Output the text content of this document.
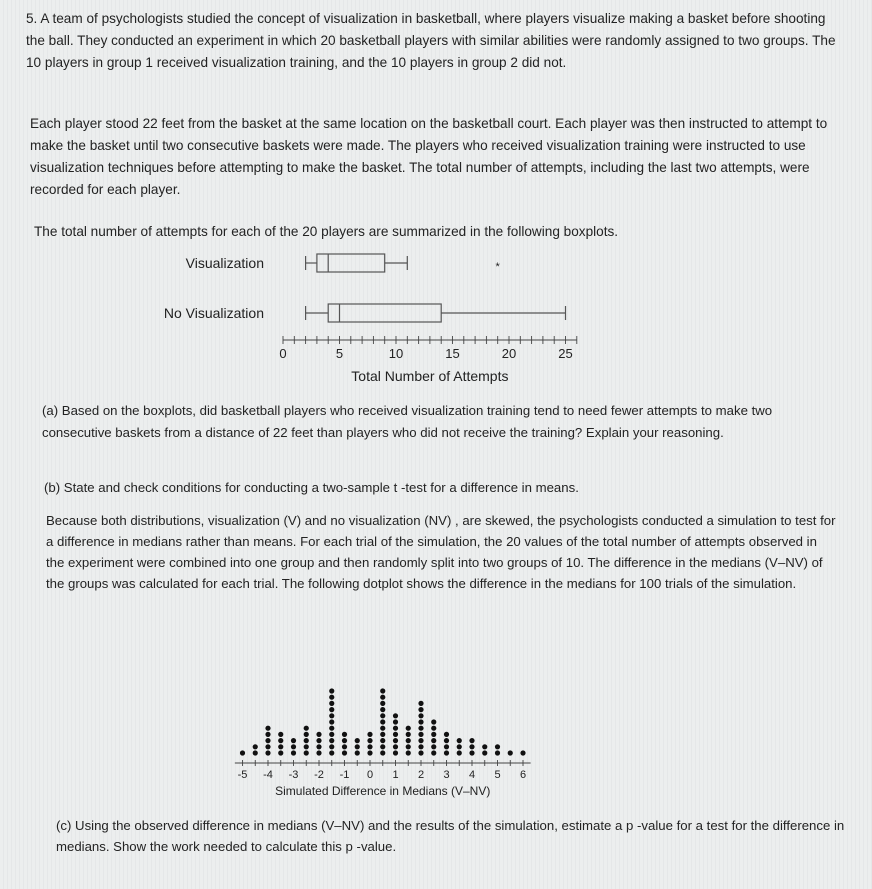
5. A team of psychologists studied the concept of visualization in basketball, where players visualize making a basket before shooting the ball. They conducted an experiment in which 20 basketball players with similar abilities were randomly assigned to two groups. The 10 players in group 1 received visualization training, and the 10 players in group 2 did not.
Each player stood 22 feet from the basket at the same location on the basketball court. Each player was then instructed to attempt to make the basket until two consecutive baskets were made. The players who received visualization training were instructed to use visualization techniques before attempting to make the basket. The total number of attempts, including the last two attempts, were recorded for each player.
The total number of attempts for each of the 20 players are summarized in the following boxplots.
Visualization	*
No Visualization
0	5	10	15	20	25
Total Number of Attempts
(a) Based on the boxplots, did basketball players who received visualization training tend to need fewer attempts to make two consecutive baskets from a distance of 22 feet than players who did not receive the training? Explain your reasoning.
(b) State and check conditions for conducting a two-sample t -test for a difference in means.
Because both distributions, visualization (V) and no visualization (NV) , are skewed, the psychologists conducted a simulation to test for a difference in medians rather than means. For each trial of the simulation, the 20 values of the total number of attempts observed in the experiment were combined into one group and then randomly split into two groups of 10. The difference in the medians (V–NV) of the groups was calculated for each trial. The following dotplot shows the difference in the medians for 100 trials of the simulation.
-5 -4 -3 -2 -1 0 1 2 3 4 5 6
Simulated Difference in Medians (V–NV)
(c) Using the observed difference in medians (V–NV) and the results of the simulation, estimate a p -value for a test for the difference in medians. Show the work needed to calculate this p -value.
